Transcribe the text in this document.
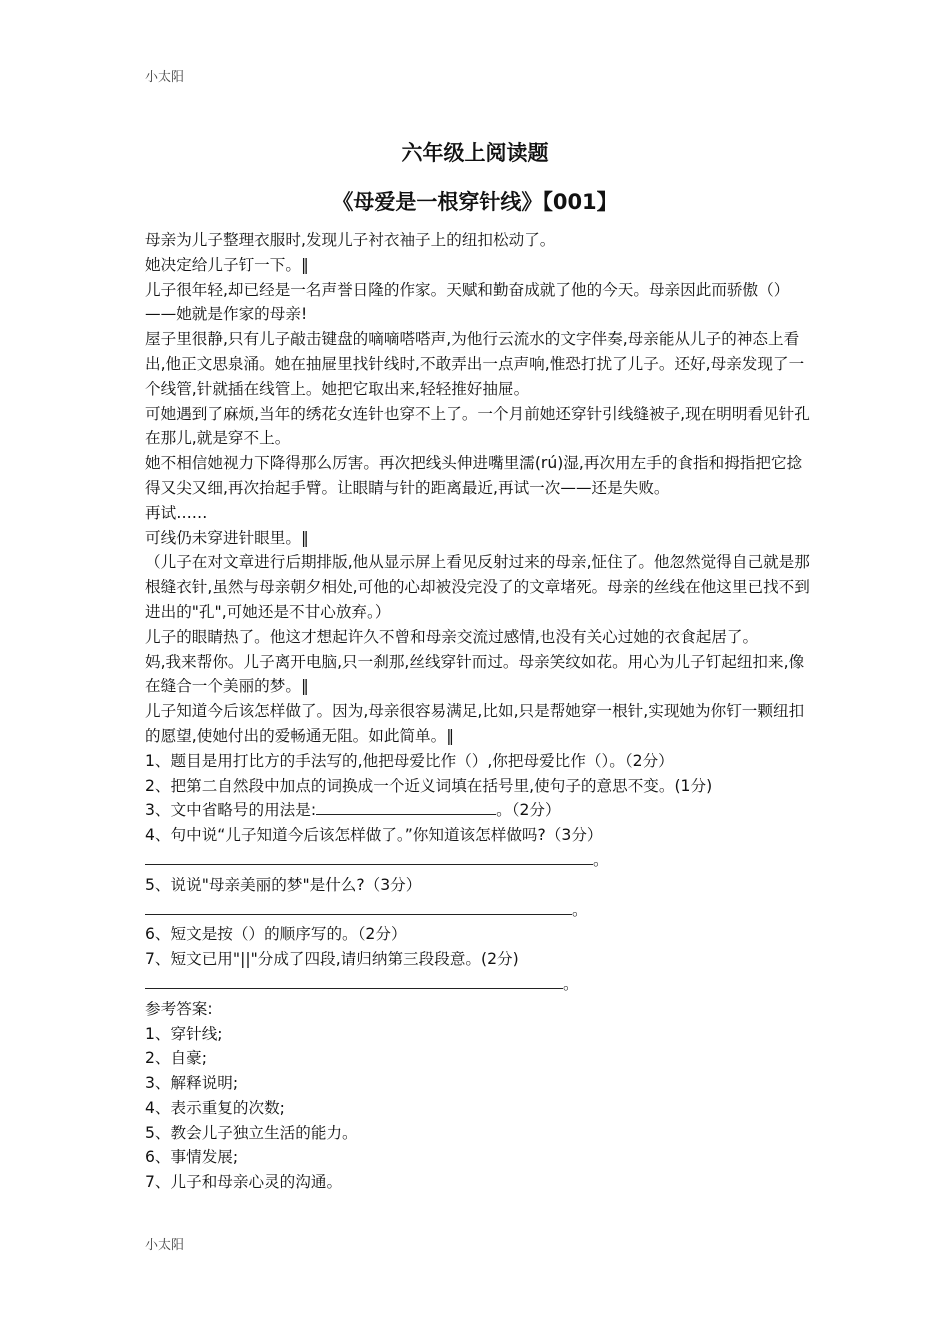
小太阳
六年级上阅读题
《母爱是一根穿针线》【001】

母亲为儿子整理衣服时,发现儿子衬衣袖子上的纽扣松动了。

她决定给儿子钉一下。‖

儿子很年轻,却已经是一名声誉日隆的作家。天赋和勤奋成就了他的今天。母亲因此而骄傲（）——她就是作家的母亲!

屋子里很静,只有儿子敲击键盘的嘀嘀嗒嗒声,为他行云流水的文字伴奏,母亲能从儿子的神态上看出,他正文思泉涌。她在抽屉里找针线时,不敢弄出一点声响,惟恐打扰了儿子。还好,母亲发现了一个线管,针就插在线管上。她把它取出来,轻轻推好抽屉。

可她遇到了麻烦,当年的绣花女连针也穿不上了。一个月前她还穿针引线缝被子,现在明明看见针孔在那儿,就是穿不上。

她不相信她视力下降得那么厉害。再次把线头伸进嘴里濡(rú)湿,再次用左手的食指和拇指把它捻得又尖又细,再次抬起手臂。让眼睛与针的距离最近,再试一次——还是失败。

再试……

可线仍未穿进针眼里。‖

（儿子在对文章进行后期排版,他从显示屏上看见反射过来的母亲,怔住了。他忽然觉得自己就是那根缝衣针,虽然与母亲朝夕相处,可他的心却被没完没了的文章堵死。母亲的丝线在他这里已找不到进出的"孔",可她还是不甘心放弃。）

儿子的眼睛热了。他这才想起许久不曾和母亲交流过感情,也没有关心过她的衣食起居了。

妈,我来帮你。儿子离开电脑,只一刹那,丝线穿针而过。母亲笑纹如花。用心为儿子钉起纽扣来,像在缝合一个美丽的梦。‖

儿子知道今后该怎样做了。因为,母亲很容易满足,比如,只是帮她穿一根针,实现她为你钉一颗纽扣的愿望,使她付出的爱畅通无阻。如此简单。‖

1、题目是用打比方的手法写的,他把母爱比作（）,你把母爱比作（）。（2分）

2、把第二自然段中加点的词换成一个近义词填在括号里,使句子的意思不变。(1分)

3、文中省略号的用法是:	。（2分）

4、句中说“儿子知道今后该怎样做了。”你知道该怎样做吗?（3分）

。

5、说说"母亲美丽的梦"是什么?（3分）

。

6、短文是按（）的顺序写的。（2分）

7、短文已用"||"分成了四段,请归纳第三段段意。(2分)

。

参考答案:

1、穿针线;

2、自豪;

3、解释说明;

4、表示重复的次数;

5、教会儿子独立生活的能力。

6、事情发展;

7、儿子和母亲心灵的沟通。

小太阳
